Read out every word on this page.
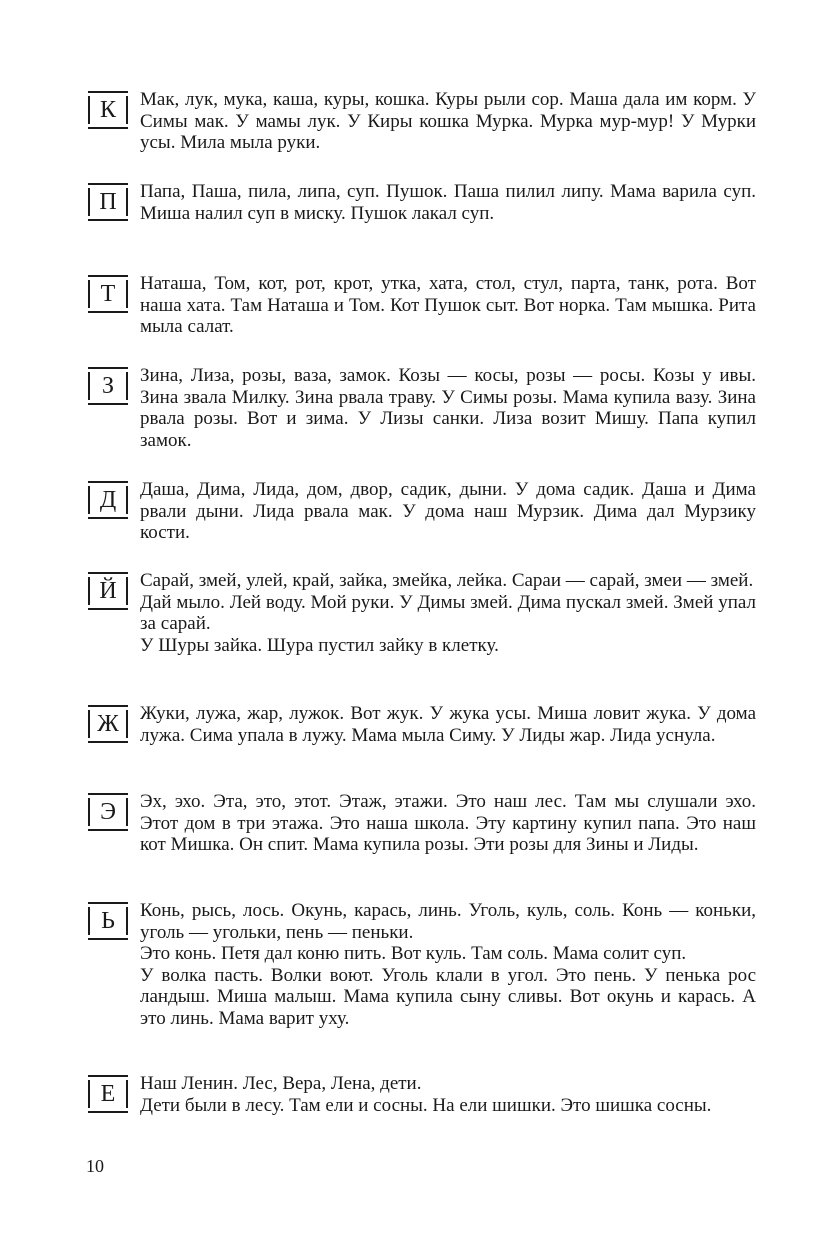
К Мак, лук, мука, каша, куры, кошка. Куры рыли сор. Маша дала им корм. У Симы мак. У мамы лук. У Киры кошка Мурка. Мурка мур-мур! У Мурки усы. Мила мыла руки.

П Папа, Паша, пила, липа, суп. Пушок. Паша пилил липу. Мама варила суп. Миша налил суп в миску. Пушок лакал суп.

Т Наташа, Том, кот, рот, крот, утка, хата, стол, стул, парта, танк, рота. Вот наша хата. Там Наташа и Том. Кот Пушок сыт. Вот норка. Там мышка. Рита мыла салат.

З Зина, Лиза, розы, ваза, замок. Козы — косы, розы — росы. Козы у ивы. Зина звала Милку. Зина рвала траву. У Симы розы. Мама купила вазу. Зина рвала розы. Вот и зима. У Лизы санки. Лиза возит Мишу. Папа купил замок.

Д Даша, Дима, Лида, дом, двор, садик, дыни. У дома садик. Даша и Дима рвали дыни. Лида рвала мак. У дома наш Мурзик. Дима дал Мурзику кости.

Й Сарай, змей, улей, край, зайка, змейка, лейка. Сараи — сарай, змеи — змей.

Дай мыло. Лей воду. Мой руки. У Димы змей. Дима пускал змей. Змей упал за сарай.

У Шуры зайка. Шура пустил зайку в клетку.

Ж Жуки, лужа, жар, лужок. Вот жук. У жука усы. Миша ловит жука. У дома лужа. Сима упала в лужу. Мама мыла Симу. У Лиды жар. Лида уснула.

Э Эх, эхо. Эта, это, этот. Этаж, этажи. Это наш лес. Там мы слушали эхо. Этот дом в три этажа. Это наша школа. Эту картину купил папа. Это наш кот Мишка. Он спит. Мама купила розы. Эти розы для Зины и Лиды.

Ь Конь, рысь, лось. Окунь, карась, линь. Уголь, куль, соль. Конь — коньки, уголь — угольки, пень — пеньки.

Это конь. Петя дал коню пить. Вот куль. Там соль. Мама солит суп.

У волка пасть. Волки воют. Уголь клали в угол. Это пень. У пенька рос ландыш. Миша малыш. Мама купила сыну сливы. Вот окунь и карась. А это линь. Мама варит уху.

Е Наш Ленин. Лес, Вера, Лена, дети.

Дети были в лесу. Там ели и сосны. На ели шишки. Это шишка сосны.

10
